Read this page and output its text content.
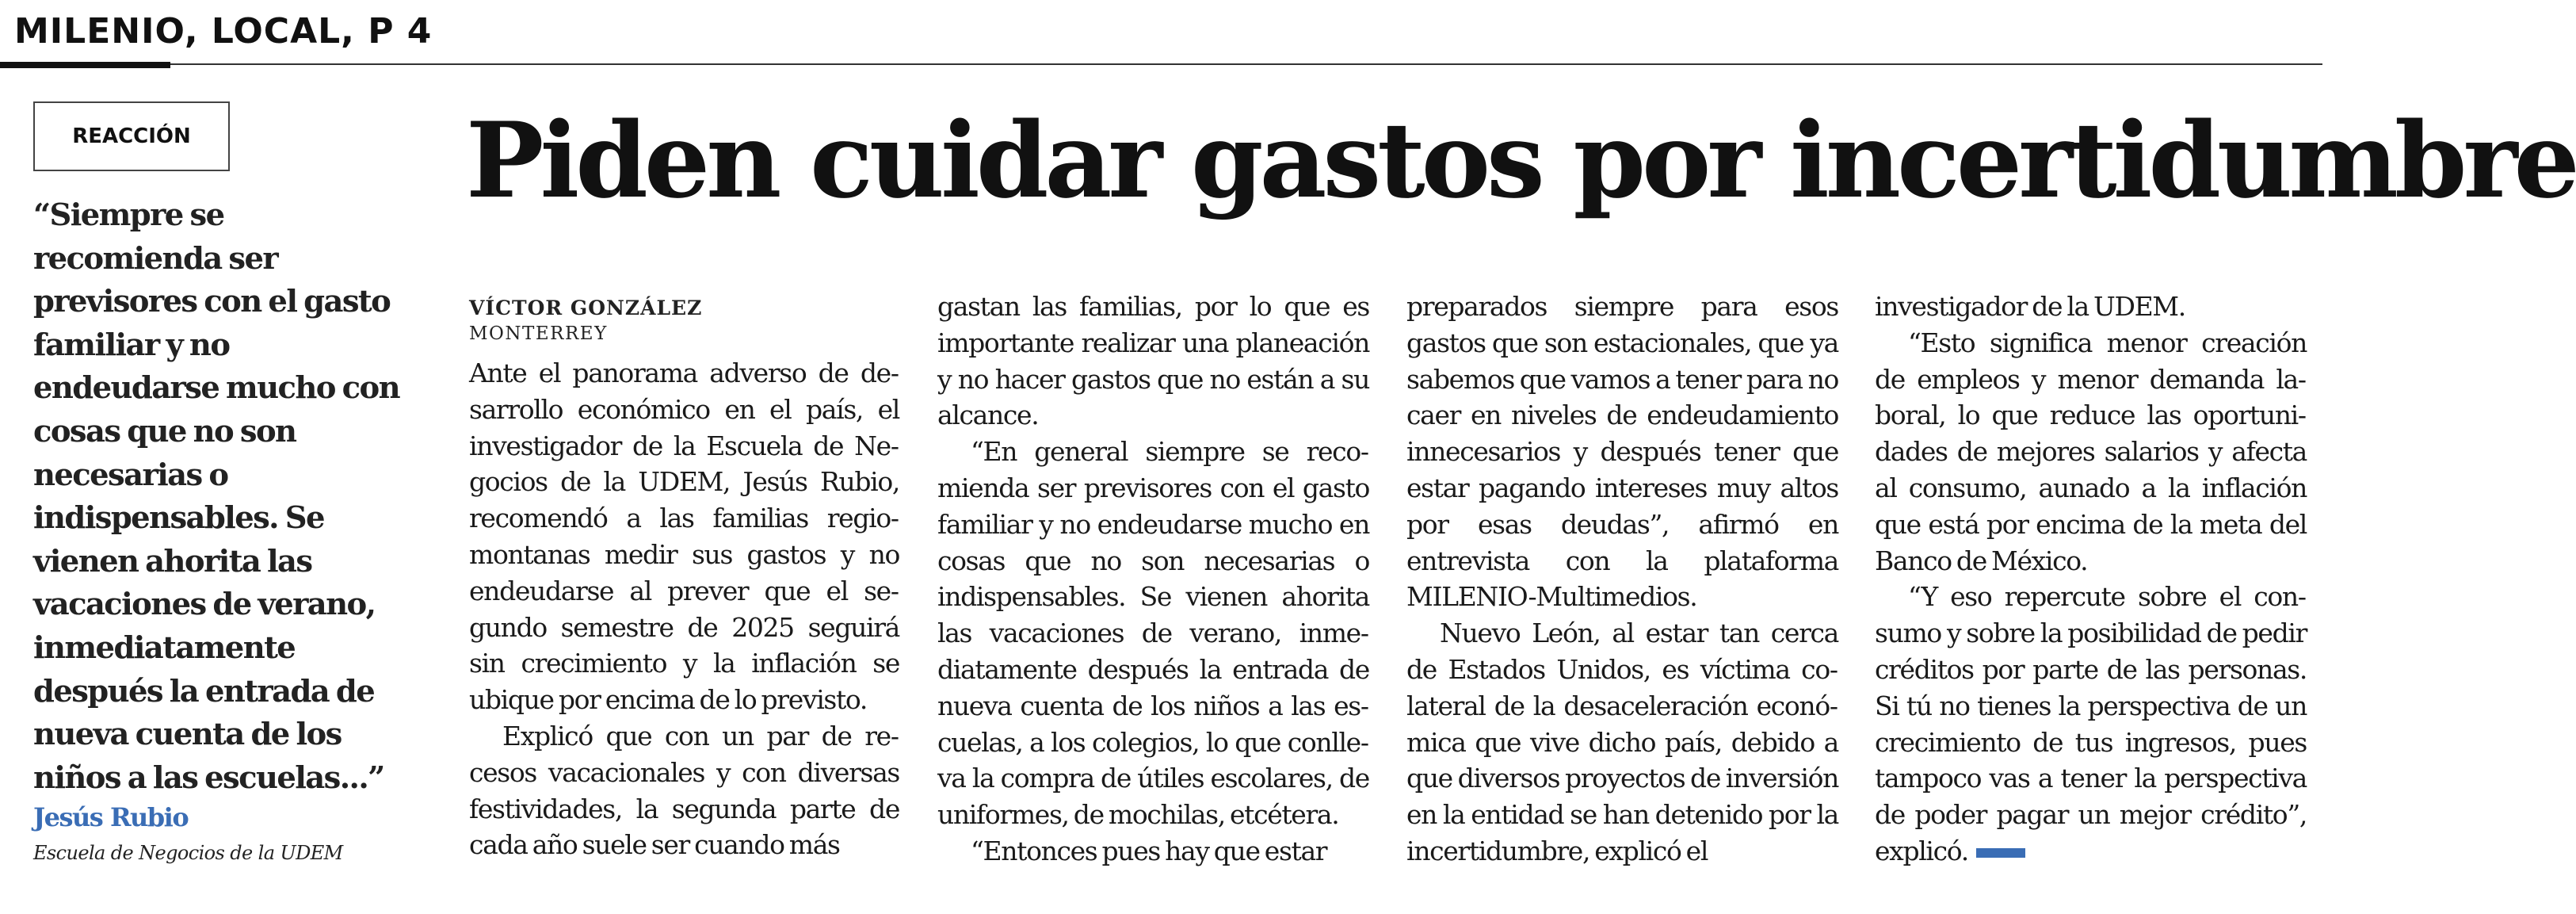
MILENIO, LOCAL, P 4
REACCIÓN
“Siempre se recomienda ser previsores con el gasto familiar y no endeudarse mucho con cosas que no son necesarias o indispensables. Se vienen ahorita las vacaciones de verano, inmediatamente después la entrada de nueva cuenta de los niños a las escuelas...”
Jesús Rubio
Escuela de Negocios de la UDEM
Piden cuidar gastos por incertidumbre
VÍCTOR GONZÁLEZ
MONTERREY

Ante el panorama adverso de desarrollo económico en el país, el investigador de la Escuela de Negocios de la UDEM, Jesús Rubio, recomendó a las familias regiomontanas medir sus gastos y no endeudarse al prever que el segundo semestre de 2025 seguirá sin crecimiento y la inflación se ubique por encima de lo previsto.

Explicó que con un par de recesos vacacionales y con diversas festividades, la segunda parte de cada año suele ser cuando más

gastan las familias, por lo que es importante realizar una planeación y no hacer gastos que no están a su alcance.

“En general siempre se recomienda ser previsores con el gasto familiar y no endeudarse mucho en cosas que no son necesarias o indispensables. Se vienen ahorita las vacaciones de verano, inmediatamente después la entrada de nueva cuenta de los niños a las escuelas, a los colegios, lo que conlleva la compra de útiles escolares, de uniformes, de mochilas, etcétera.

“Entonces pues hay que estar

preparados siempre para esos gastos que son estacionales, que ya sabemos que vamos a tener para no caer en niveles de endeudamiento innecesarios y después tener que estar pagando intereses muy altos por esas deudas”, afirmó en entrevista con la plataforma MILENIO-Multimedios.

Nuevo León, al estar tan cerca de Estados Unidos, es víctima colateral de la desaceleración económica que vive dicho país, debido a que diversos proyectos de inversión en la entidad se han detenido por la incertidumbre, explicó el

investigador de la UDEM.

“Esto significa menor creación de empleos y menor demanda laboral, lo que reduce las oportunidades de mejores salarios y afecta al consumo, aunado a la inflación que está por encima de la meta del Banco de México.

“Y eso repercute sobre el consumo y sobre la posibilidad de pedir créditos por parte de las personas. Si tú no tienes la perspectiva de un crecimiento de tus ingresos, pues tampoco vas a tener la perspectiva de poder pagar un mejor crédito”, explicó.
